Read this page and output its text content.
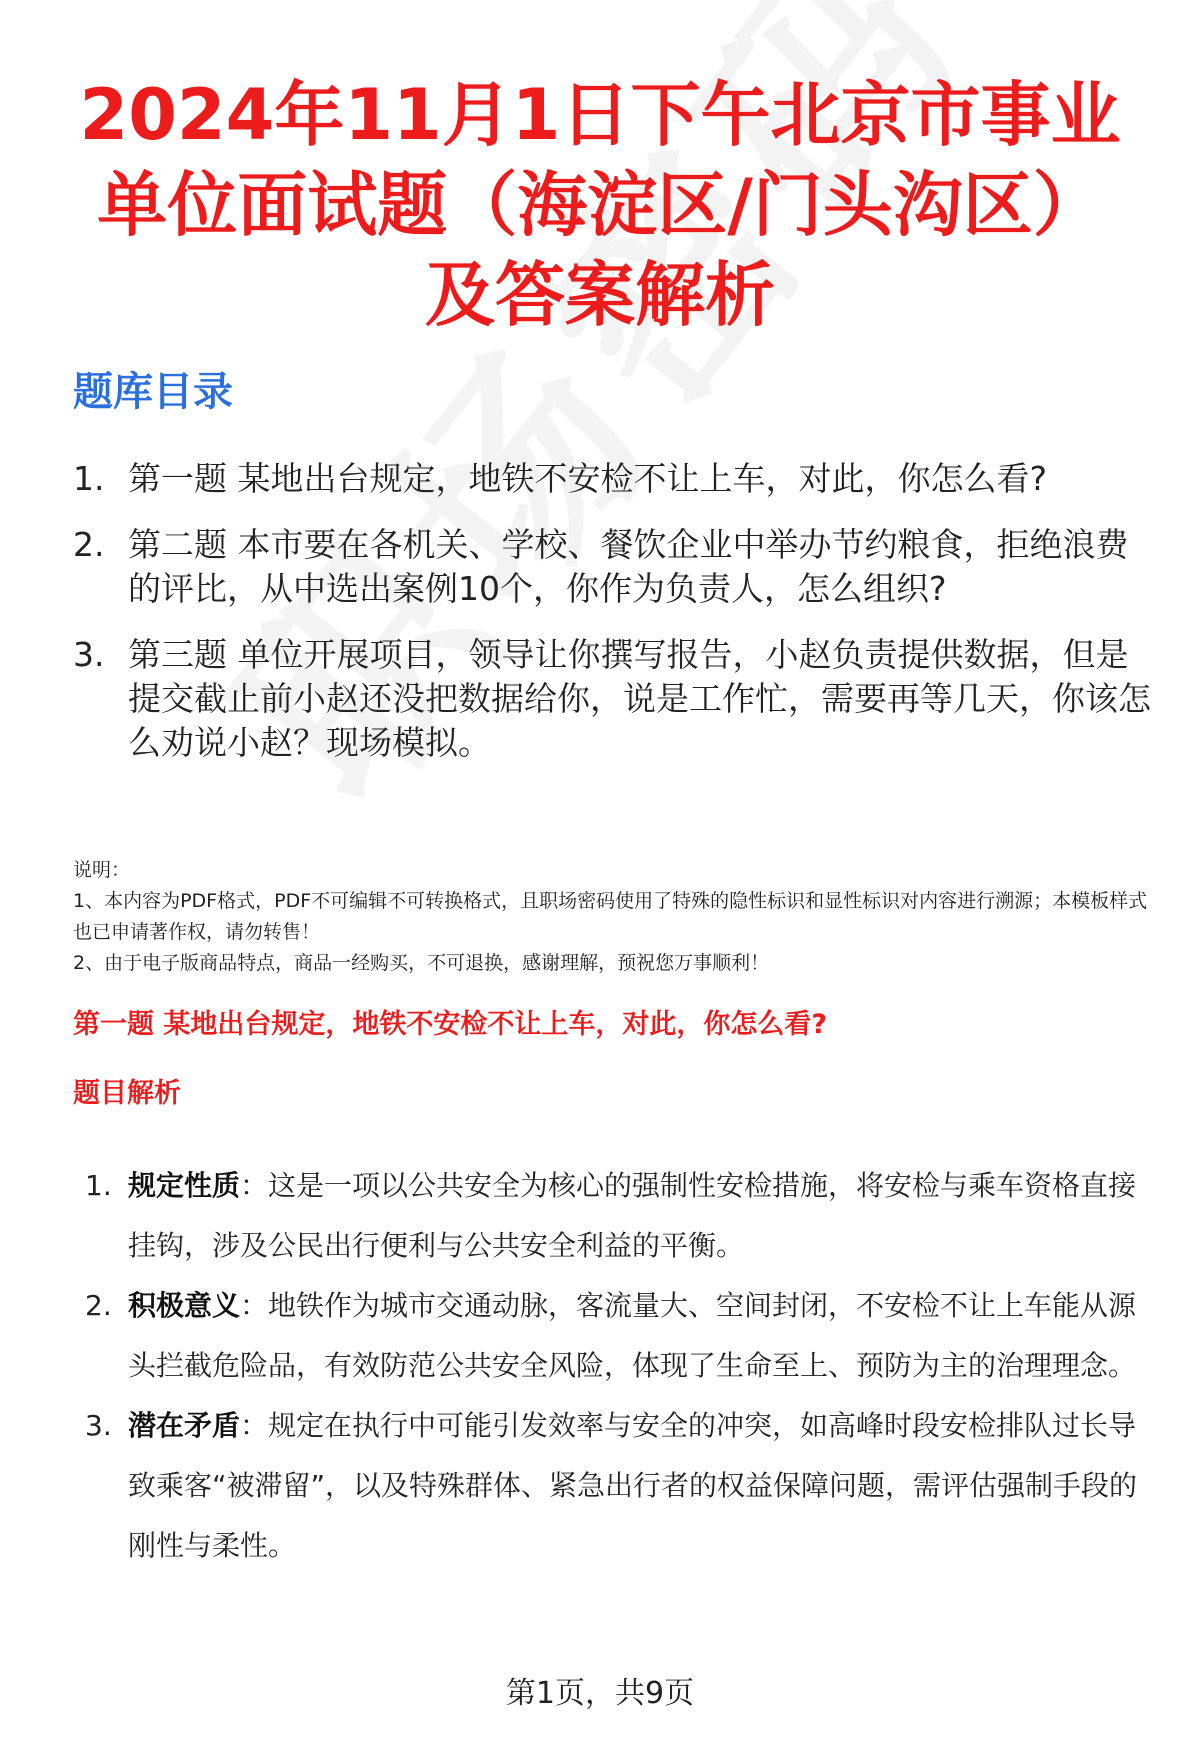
2024年11月1日下午北京市事业单位面试题（海淀区/门头沟区）及答案解析
题库目录
1. 第一题 某地出台规定，地铁不安检不让上车，对此，你怎么看?
2. 第二题 本市要在各机关、学校、餐饮企业中举办节约粮食，拒绝浪费的评比，从中选出案例10个，你作为负责人，怎么组织?
3. 第三题 单位开展项目，领导让你撰写报告，小赵负责提供数据，但是提交截止前小赵还没把数据给你，说是工作忙，需要再等几天，你该怎么劝说小赵？现场模拟。

说明：

1、本内容为PDF格式，PDF不可编辑不可转换格式，且职场密码使用了特殊的隐性标识和显性标识对内容进行溯源；本模板样式也已申请著作权，请勿转售！

2、由于电子版商品特点，商品一经购买，不可退换，感谢理解，预祝您万事顺利！

第一题 某地出台规定，地铁不安检不让上车，对此，你怎么看?
题目解析
1. 规定性质：这是一项以公共安全为核心的强制性安检措施，将安检与乘车资格直接挂钩，涉及公民出行便利与公共安全利益的平衡。
2. 积极意义：地铁作为城市交通动脉，客流量大、空间封闭，不安检不让上车能从源头拦截危险品，有效防范公共安全风险，体现了生命至上、预防为主的治理理念。
3. 潜在矛盾：规定在执行中可能引发效率与安全的冲突，如高峰时段安检排队过长导致乘客“被滞留”，以及特殊群体、紧急出行者的权益保障问题，需评估强制手段的刚性与柔性。
第1页，共9页
